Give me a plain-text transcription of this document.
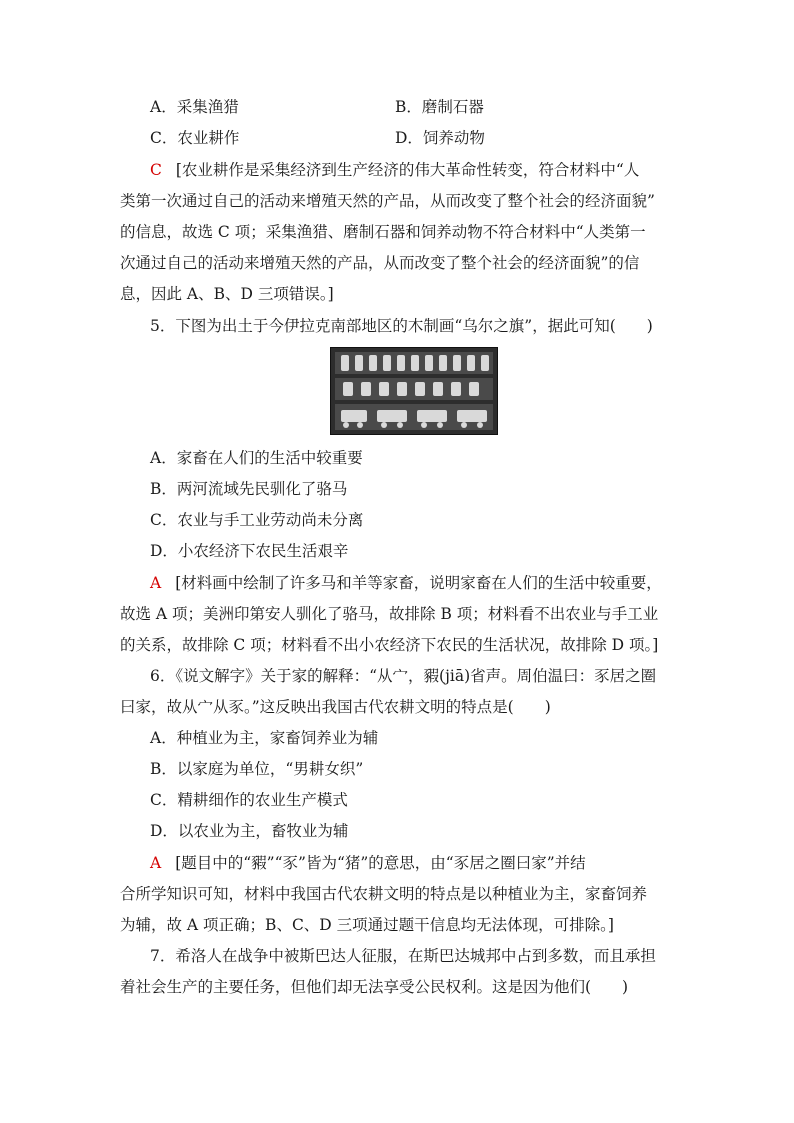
A．采集渔猎	B．磨制石器
C．农业耕作	D．饲养动物
C [农业耕作是采集经济到生产经济的伟大革命性转变，符合材料中“人
类第一次通过自己的活动来增殖天然的产品，从而改变了整个社会的经济面貌”
的信息，故选 C 项；采集渔猎、磨制石器和饲养动物不符合材料中“人类第一
次通过自己的活动来增殖天然的产品，从而改变了整个社会的经济面貌”的信
息，因此 A、B、D 三项错误。]
5．下图为出土于今伊拉克南部地区的木制画“乌尔之旗”，据此可知(　　)
A．家畜在人们的生活中较重要
B．两河流域先民驯化了骆马
C．农业与手工业劳动尚未分离
D．小农经济下农民生活艰辛
A [材料画中绘制了许多马和羊等家畜，说明家畜在人们的生活中较重要，
故选 A 项；美洲印第安人驯化了骆马，故排除 B 项；材料看不出农业与手工业
的关系，故排除 C 项；材料看不出小农经济下农民的生活状况，故排除 D 项。]
6．《说文解字》关于家的解释：“从宀，豭(jiā)省声。周伯温曰：豕居之圈
曰家，故从宀从豕。”这反映出我国古代农耕文明的特点是(　　)
A．种植业为主，家畜饲养业为辅
B．以家庭为单位，“男耕女织”
C．精耕细作的农业生产模式
D．以农业为主，畜牧业为辅
A [题目中的“豭”“豕”皆为“猪”的意思，由“豕居之圈曰家”并结
合所学知识可知，材料中我国古代农耕文明的特点是以种植业为主，家畜饲养
为辅，故 A 项正确；B、C、D 三项通过题干信息均无法体现，可排除。]
7．希洛人在战争中被斯巴达人征服，在斯巴达城邦中占到多数，而且承担
着社会生产的主要任务，但他们却无法享受公民权利。这是因为他们(　　)
